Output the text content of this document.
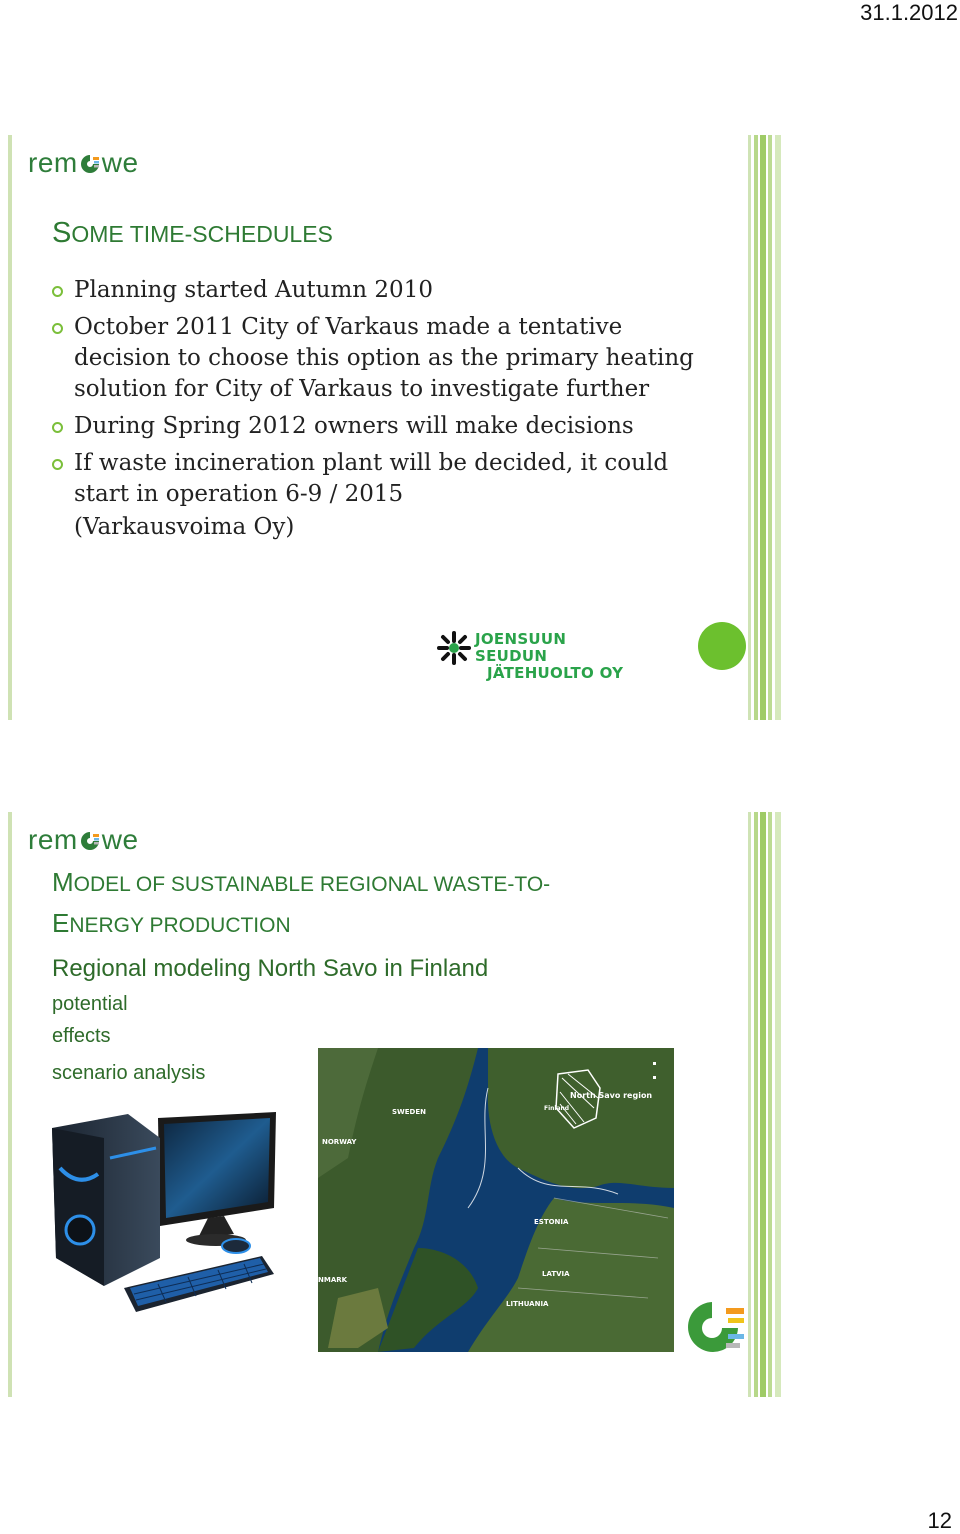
31.1.2012
rem we
SOME TIME-SCHEDULES
Planning started Autumn 2010
October 2011 City of Varkaus made a tentative decision to choose this option as the primary heating solution for City of Varkaus to investigate further
During Spring 2012 owners will make decisions
If waste incineration plant will be decided, it could start in operation 6-9 / 2015
(Varkausvoima Oy)
JOENSUUN SEUDUN
JÄTEHUOLTO OY
rem we
MODEL OF SUSTAINABLE REGIONAL WASTE-TO-
ENERGY PRODUCTION
Regional modeling North Savo in Finland
potential
effects
scenario analysis
SWEDEN
NORWAY
ESTONIA
LATVIA
LITHUANIA
NMARK
Finland
North Savo region
12
